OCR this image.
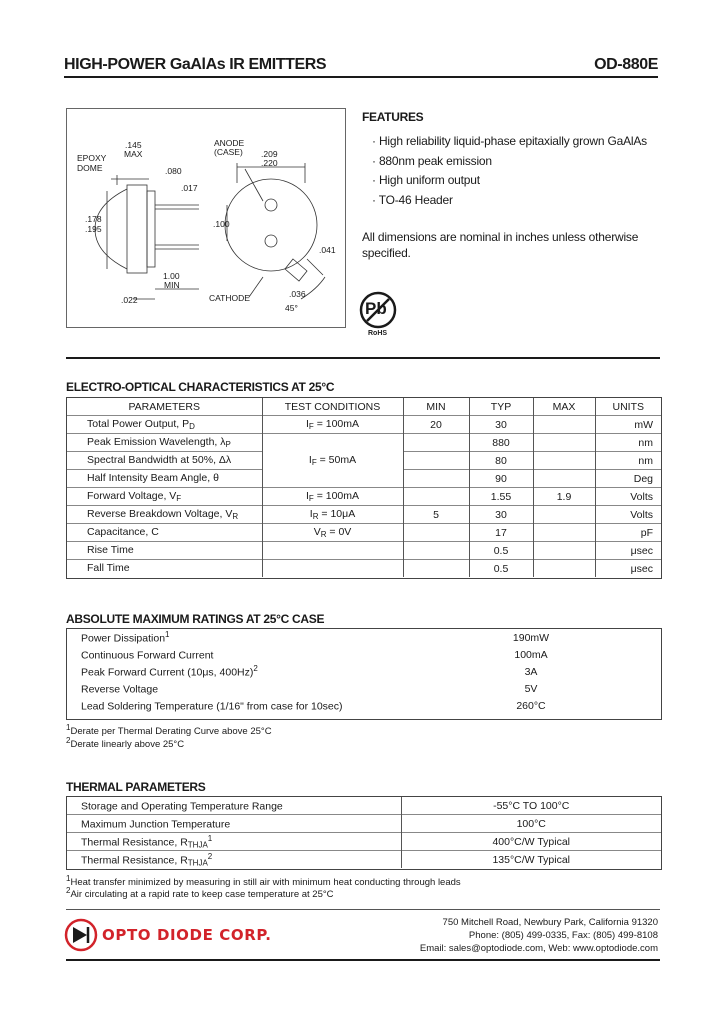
HIGH-POWER GaAlAs IR EMITTERS	OD-880E
EPOXY
DOME
.145
MAX
.080
.017
.178
.195
1.00
MIN
.022
ANODE
(CASE) .209
.220
.100
.041
.036
45°
CATHODE
FEATURES
· High reliability liquid-phase epitaxially grown GaAlAs
· 880nm peak emission
· High uniform output
· TO-46 Header
All dimensions are nominal in inches unless otherwise specified.
Pb
RoHS
ELECTRO-OPTICAL CHARACTERISTICS AT 25°C
PARAMETERS	TEST CONDITIONS	MIN	TYP	MAX	UNITS
Total Power Output, $P_D$	$I_F = 100mA$	20	30		mW
Peak Emission Wavelength, $\lambda_P$	$I_F = 50mA$		880		nm
Spectral Bandwidth at 50%, Δλ			80		nm
Half Intensity Beam Angle, θ			90		Deg
Forward Voltage, $V_F$	$I_F = 100mA$		1.55	1.9	Volts
Reverse Breakdown Voltage, $V_R$	$I_R = 10\mu A$	5	30		Volts
Capacitance, C	$V_R = 0V$		17		pF
Rise Time			0.5		μsec
Fall Time			0.5		μsec
ABSOLUTE MAXIMUM RATINGS AT 25°C CASE
Power Dissipation$^1$	190mW
Continuous Forward Current	100mA
Peak Forward Current (10μs, 400Hz)$^2$	3A
Reverse Voltage	5V
Lead Soldering Temperature (1/16" from case for 10sec)	260°C
$^1$Derate per Thermal Derating Curve above 25°C
$^2$Derate linearly above 25°C
THERMAL PARAMETERS
Storage and Operating Temperature Range	-55°C TO 100°C
Maximum Junction Temperature	100°C
Thermal Resistance, $R_{THJA}^1$	400°C/W Typical
Thermal Resistance, $R_{THJA}^2$	135°C/W Typical
$^1$Heat transfer minimized by measuring in still air with minimum heat conducting through leads
$^2$Air circulating at a rapid rate to keep case temperature at 25°C
OPTO DIODE CORP.
750 Mitchell Road, Newbury Park, California 91320
Phone: (805) 499-0335, Fax: (805) 499-8108
Email: sales@optodiode.com, Web: www.optodiode.com
